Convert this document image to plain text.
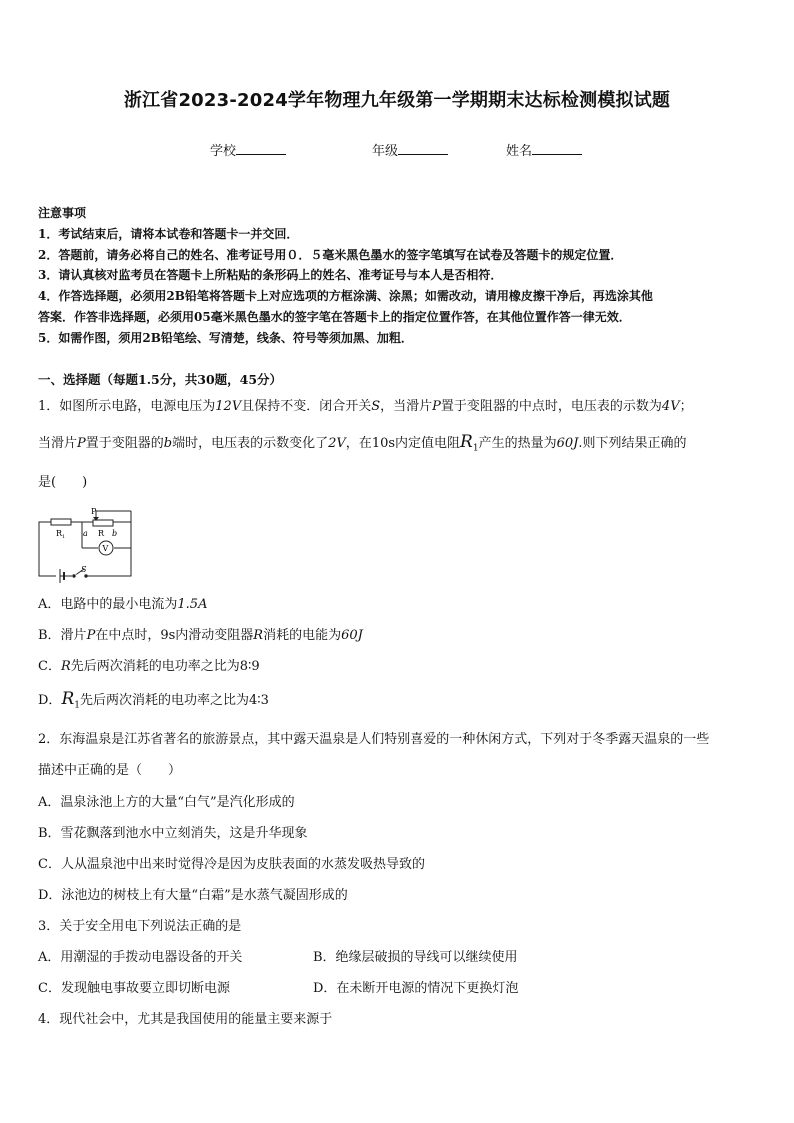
浙江省2023-2024学年物理九年级第一学期期末达标检测模拟试题
学校	年级	姓名
注意事项
1．考试结束后，请将本试卷和答题卡一并交回．
2．答题前，请务必将自己的姓名、准考证号用０．５毫米黑色墨水的签字笔填写在试卷及答题卡的规定位置．
3．请认真核对监考员在答题卡上所粘贴的条形码上的姓名、准考证号与本人是否相符．
4．作答选择题，必须用2B铅笔将答题卡上对应选项的方框涂满、涂黑；如需改动，请用橡皮擦干净后，再选涂其他
答案．作答非选择题，必须用05毫米黑色墨水的签字笔在答题卡上的指定位置作答，在其他位置作答一律无效．
5．如需作图，须用2B铅笔绘、写清楚，线条、符号等须加黑、加粗．
一、选择题（每题1.5分，共30题，45分）
1．如图所示电路，电源电压为12V且保持不变．闭合开关S，当滑片P置于变阻器的中点时，电压表的示数为4V；
当滑片P置于变阻器的b端时，电压表的示数变化了2V，在10s内定值电阻$R_1$产生的热量为60J.则下列结果正确的
是(　　)
P
R 1 a R b
V
S
A．电路中的最小电流为1.5A
B．滑片P在中点时，9s内滑动变阻器R消耗的电能为60J
C．R先后两次消耗的电功率之比为8∶9
D．$R_1$先后两次消耗的电功率之比为4∶3
2．东海温泉是江苏省著名的旅游景点，其中露天温泉是人们特别喜爱的一种休闲方式，下列对于冬季露天温泉的一些
描述中正确的是（　　）
A．温泉泳池上方的大量“白气”是汽化形成的
B．雪花飘落到池水中立刻消失，这是升华现象
C．人从温泉池中出来时觉得冷是因为皮肤表面的水蒸发吸热导致的
D．泳池边的树枝上有大量“白霜”是水蒸气凝固形成的
3．关于安全用电下列说法正确的是
A．用潮湿的手拨动电器设备的开关	B．绝缘层破损的导线可以继续使用
C．发现触电事故要立即切断电源	D．在未断开电源的情况下更换灯泡
4．现代社会中，尤其是我国使用的能量主要来源于
